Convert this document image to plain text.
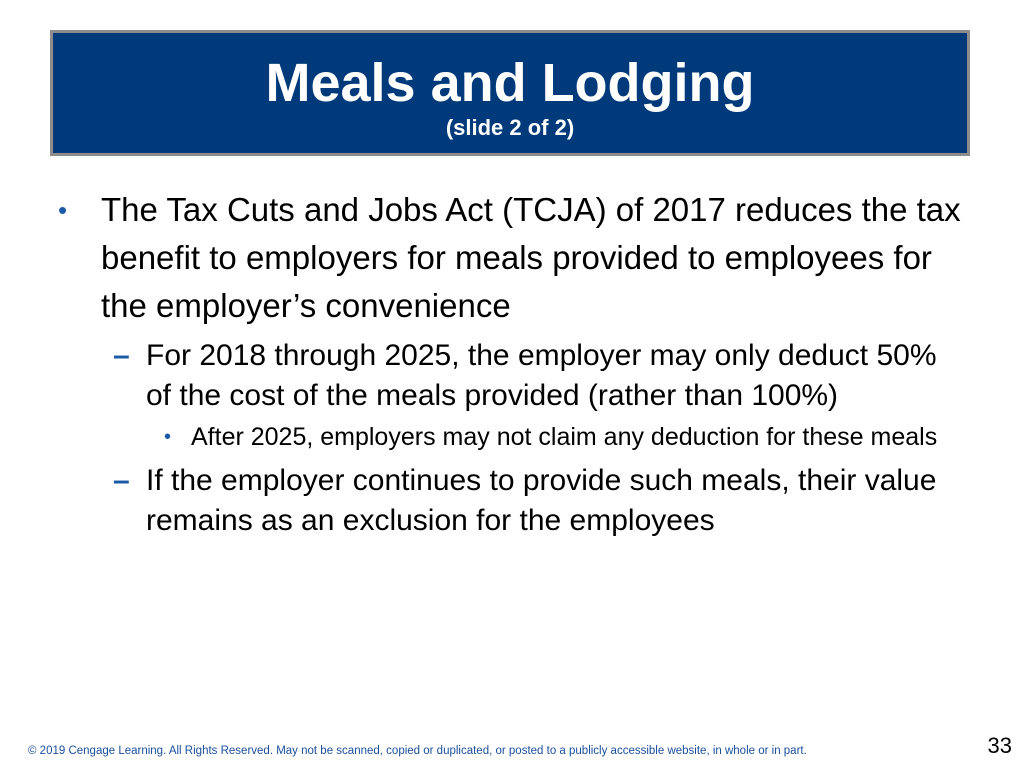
Meals and Lodging
(slide 2 of 2)
• The Tax Cuts and Jobs Act (TCJA) of 2017 reduces the tax benefit to employers for meals provided to employees for the employer’s convenience
– For 2018 through 2025, the employer may only deduct 50% of the cost of the meals provided (rather than 100%)
• After 2025, employers may not claim any deduction for these meals
– If the employer continues to provide such meals, their value remains as an exclusion for the employees
© 2019 Cengage Learning. All Rights Reserved. May not be scanned, copied or duplicated, or posted to a publicly accessible website, in whole or in part.	33
